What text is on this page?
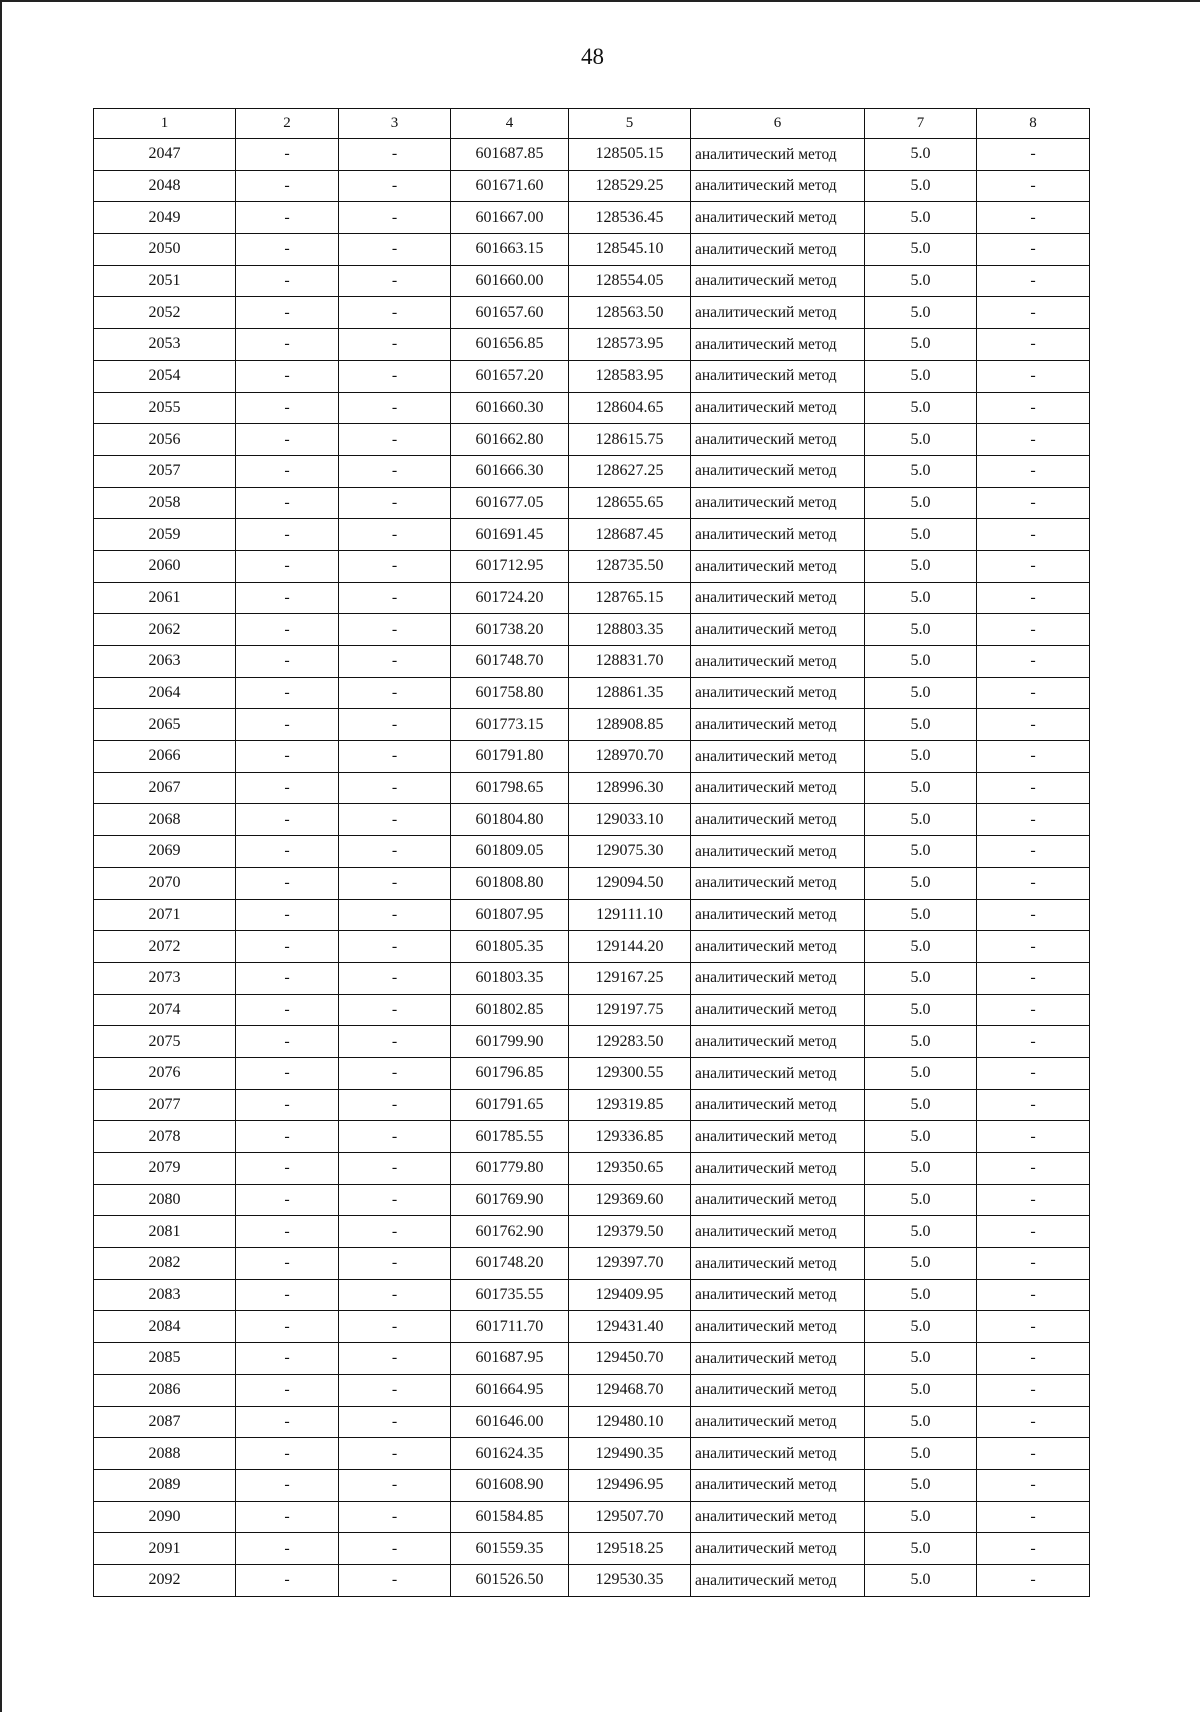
48
1	2	3	4	5	6	7	8
2047	-	-	601687.85	128505.15	аналитический метод	5.0	-
2048	-	-	601671.60	128529.25	аналитический метод	5.0	-
2049	-	-	601667.00	128536.45	аналитический метод	5.0	-
2050	-	-	601663.15	128545.10	аналитический метод	5.0	-
2051	-	-	601660.00	128554.05	аналитический метод	5.0	-
2052	-	-	601657.60	128563.50	аналитический метод	5.0	-
2053	-	-	601656.85	128573.95	аналитический метод	5.0	-
2054	-	-	601657.20	128583.95	аналитический метод	5.0	-
2055	-	-	601660.30	128604.65	аналитический метод	5.0	-
2056	-	-	601662.80	128615.75	аналитический метод	5.0	-
2057	-	-	601666.30	128627.25	аналитический метод	5.0	-
2058	-	-	601677.05	128655.65	аналитический метод	5.0	-
2059	-	-	601691.45	128687.45	аналитический метод	5.0	-
2060	-	-	601712.95	128735.50	аналитический метод	5.0	-
2061	-	-	601724.20	128765.15	аналитический метод	5.0	-
2062	-	-	601738.20	128803.35	аналитический метод	5.0	-
2063	-	-	601748.70	128831.70	аналитический метод	5.0	-
2064	-	-	601758.80	128861.35	аналитический метод	5.0	-
2065	-	-	601773.15	128908.85	аналитический метод	5.0	-
2066	-	-	601791.80	128970.70	аналитический метод	5.0	-
2067	-	-	601798.65	128996.30	аналитический метод	5.0	-
2068	-	-	601804.80	129033.10	аналитический метод	5.0	-
2069	-	-	601809.05	129075.30	аналитический метод	5.0	-
2070	-	-	601808.80	129094.50	аналитический метод	5.0	-
2071	-	-	601807.95	129111.10	аналитический метод	5.0	-
2072	-	-	601805.35	129144.20	аналитический метод	5.0	-
2073	-	-	601803.35	129167.25	аналитический метод	5.0	-
2074	-	-	601802.85	129197.75	аналитический метод	5.0	-
2075	-	-	601799.90	129283.50	аналитический метод	5.0	-
2076	-	-	601796.85	129300.55	аналитический метод	5.0	-
2077	-	-	601791.65	129319.85	аналитический метод	5.0	-
2078	-	-	601785.55	129336.85	аналитический метод	5.0	-
2079	-	-	601779.80	129350.65	аналитический метод	5.0	-
2080	-	-	601769.90	129369.60	аналитический метод	5.0	-
2081	-	-	601762.90	129379.50	аналитический метод	5.0	-
2082	-	-	601748.20	129397.70	аналитический метод	5.0	-
2083	-	-	601735.55	129409.95	аналитический метод	5.0	-
2084	-	-	601711.70	129431.40	аналитический метод	5.0	-
2085	-	-	601687.95	129450.70	аналитический метод	5.0	-
2086	-	-	601664.95	129468.70	аналитический метод	5.0	-
2087	-	-	601646.00	129480.10	аналитический метод	5.0	-
2088	-	-	601624.35	129490.35	аналитический метод	5.0	-
2089	-	-	601608.90	129496.95	аналитический метод	5.0	-
2090	-	-	601584.85	129507.70	аналитический метод	5.0	-
2091	-	-	601559.35	129518.25	аналитический метод	5.0	-
2092	-	-	601526.50	129530.35	аналитический метод	5.0	-
